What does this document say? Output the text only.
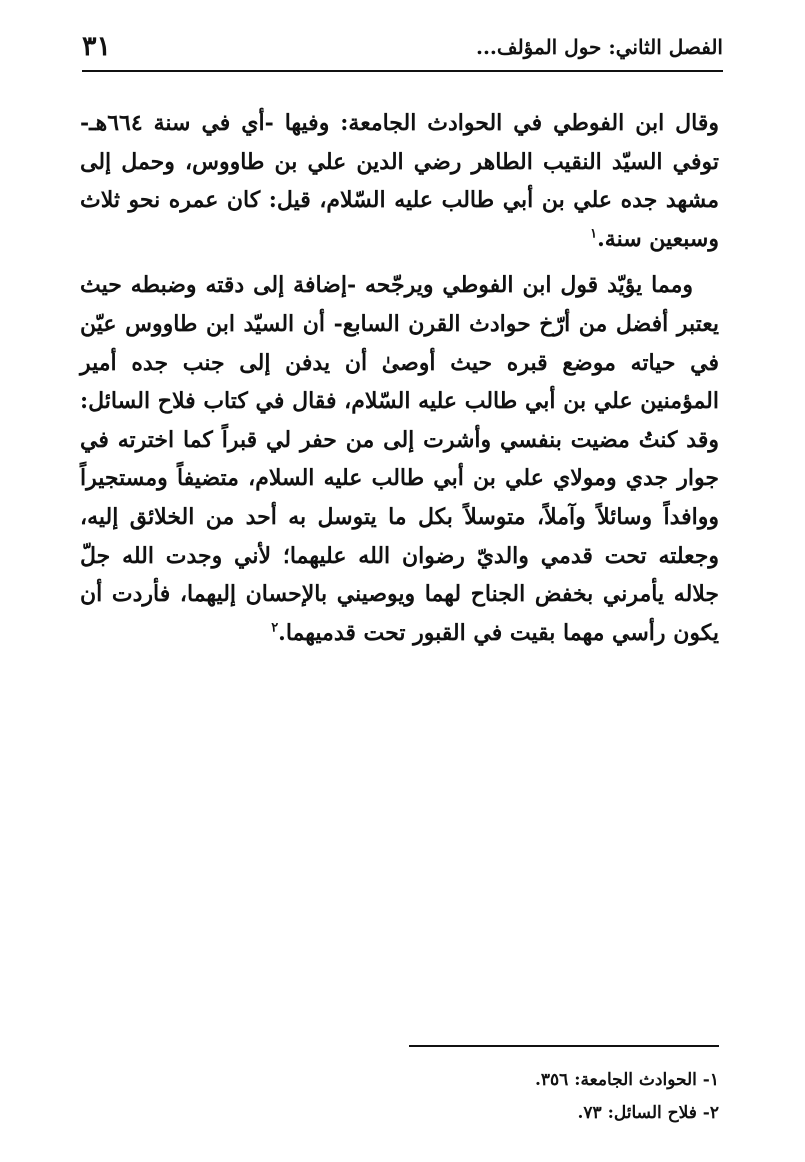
٣١	الفصل الثاني: حول المؤلف...

وقال ابن الفوطي في الحوادث الجامعة: وفيها -أي في سنة ٦٦٤هـ- توفي السيّد النقيب الطاهر رضي الدين علي بن طاووس، وحمل إلى مشهد جده علي بن أبي طالب عليه السّلام، قيل: كان عمره نحو ثلاث وسبعين سنة.$^١$

ومما يؤيّد قول ابن الفوطي ويرجّحه -إضافة إلى دقته وضبطه حيث يعتبر أفضل من أرّخ حوادث القرن السابع- أن السيّد ابن طاووس عيّن في حياته موضع قبره حيث أوصىٰ أن يدفن إلى جنب جده أمير المؤمنين علي بن أبي طالب عليه السّلام، فقال في كتاب فلاح السائل: وقد كنتُ مضيت بنفسي وأشرت إلى من حفر لي قبراً كما اخترته في جوار جدي ومولاي علي بن أبي طالب عليه السلام، متضيفاً ومستجيراً ووافداً وسائلاً وآملاً، متوسلاً بكل ما يتوسل به أحد من الخلائق إليه، وجعلته تحت قدمي والديّ رضوان الله عليهما؛ لأني وجدت الله جلّ جلاله يأمرني بخفض الجناح لهما ويوصيني بالإحسان إليهما، فأردت أن يكون رأسي مهما بقيت في القبور تحت قدميهما.$^٢$

١- الحوادث الجامعة: ٣٥٦.
٢- فلاح السائل: ٧٣.
